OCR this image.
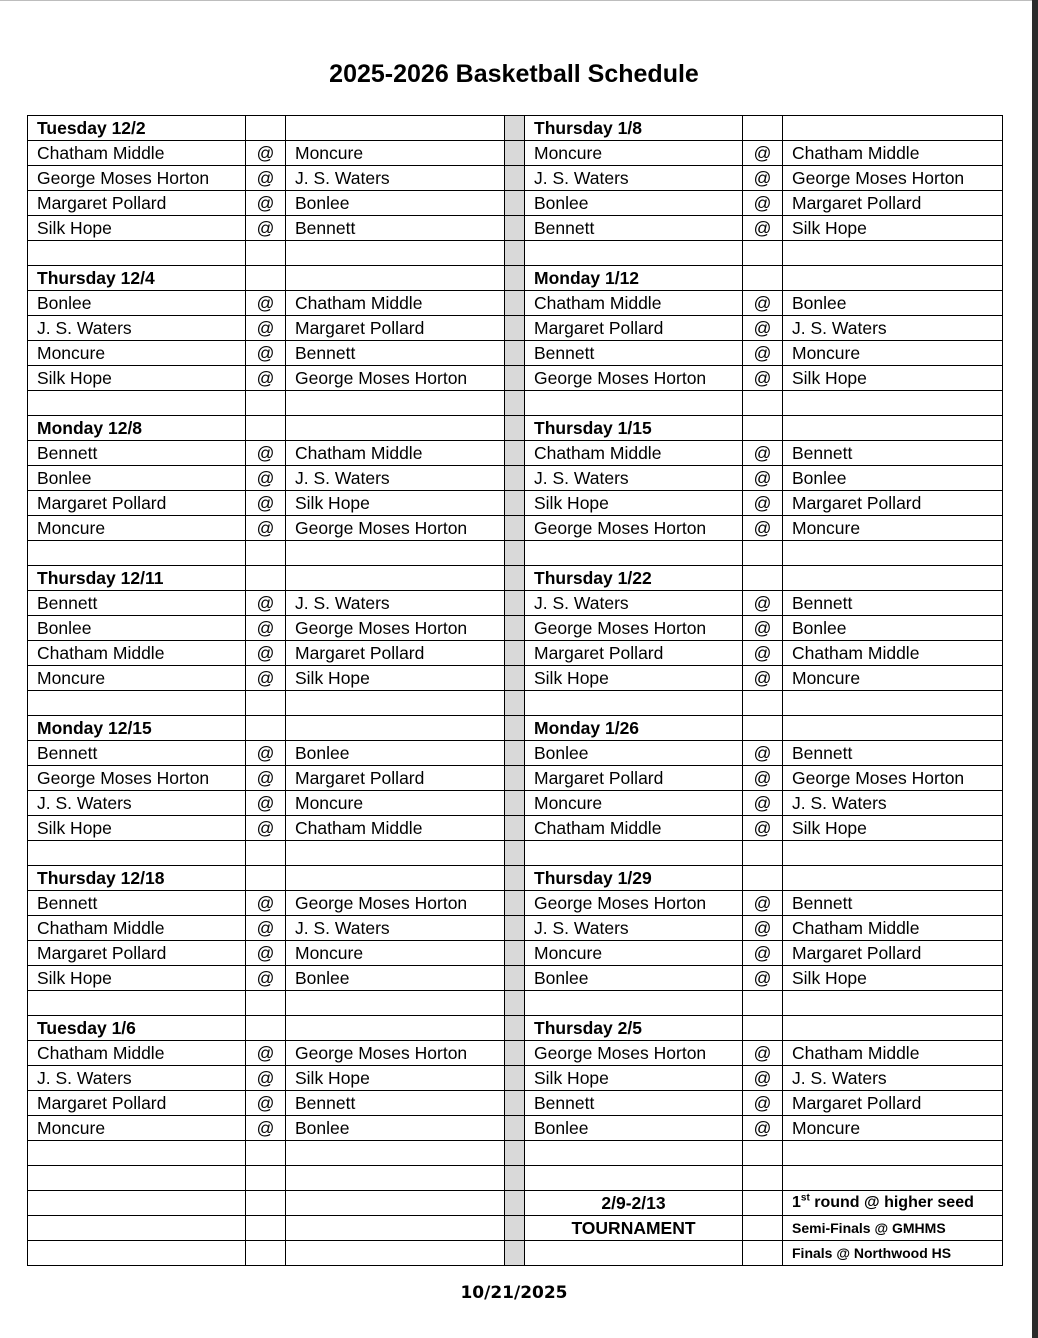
2025-2026 Basketball Schedule
Tuesday 12/2				Thursday 1/8		
Chatham Middle	@	Moncure		Moncure	@	Chatham Middle
George Moses Horton	@	J. S. Waters		J. S. Waters	@	George Moses Horton
Margaret Pollard	@	Bonlee		Bonlee	@	Margaret Pollard
Silk Hope	@	Bennett		Bennett	@	Silk Hope

Thursday 12/4				Monday 1/12		
Bonlee	@	Chatham Middle		Chatham Middle	@	Bonlee
J. S. Waters	@	Margaret Pollard		Margaret Pollard	@	J. S. Waters
Moncure	@	Bennett		Bennett	@	Moncure
Silk Hope	@	George Moses Horton		George Moses Horton	@	Silk Hope

Monday 12/8				Thursday 1/15		
Bennett	@	Chatham Middle		Chatham Middle	@	Bennett
Bonlee	@	J. S. Waters		J. S. Waters	@	Bonlee
Margaret Pollard	@	Silk Hope		Silk Hope	@	Margaret Pollard
Moncure	@	George Moses Horton		George Moses Horton	@	Moncure

Thursday 12/11				Thursday 1/22		
Bennett	@	J. S. Waters		J. S. Waters	@	Bennett
Bonlee	@	George Moses Horton		George Moses Horton	@	Bonlee
Chatham Middle	@	Margaret Pollard		Margaret Pollard	@	Chatham Middle
Moncure	@	Silk Hope		Silk Hope	@	Moncure

Monday 12/15				Monday 1/26		
Bennett	@	Bonlee		Bonlee	@	Bennett
George Moses Horton	@	Margaret Pollard		Margaret Pollard	@	George Moses Horton
J. S. Waters	@	Moncure		Moncure	@	J. S. Waters
Silk Hope	@	Chatham Middle		Chatham Middle	@	Silk Hope

Thursday 12/18				Thursday 1/29		
Bennett	@	George Moses Horton		George Moses Horton	@	Bennett
Chatham Middle	@	J. S. Waters		J. S. Waters	@	Chatham Middle
Margaret Pollard	@	Moncure		Moncure	@	Margaret Pollard
Silk Hope	@	Bonlee		Bonlee	@	Silk Hope

Tuesday 1/6				Thursday 2/5		
Chatham Middle	@	George Moses Horton		George Moses Horton	@	Chatham Middle
J. S. Waters	@	Silk Hope		Silk Hope	@	J. S. Waters
Margaret Pollard	@	Bennett		Bennett	@	Margaret Pollard
Moncure	@	Bonlee		Bonlee	@	Moncure

				2/9-2/13		1st round @ higher seed
				TOURNAMENT		Semi-Finals @ GMHMS
						Finals @ Northwood HS
10/21/2025
